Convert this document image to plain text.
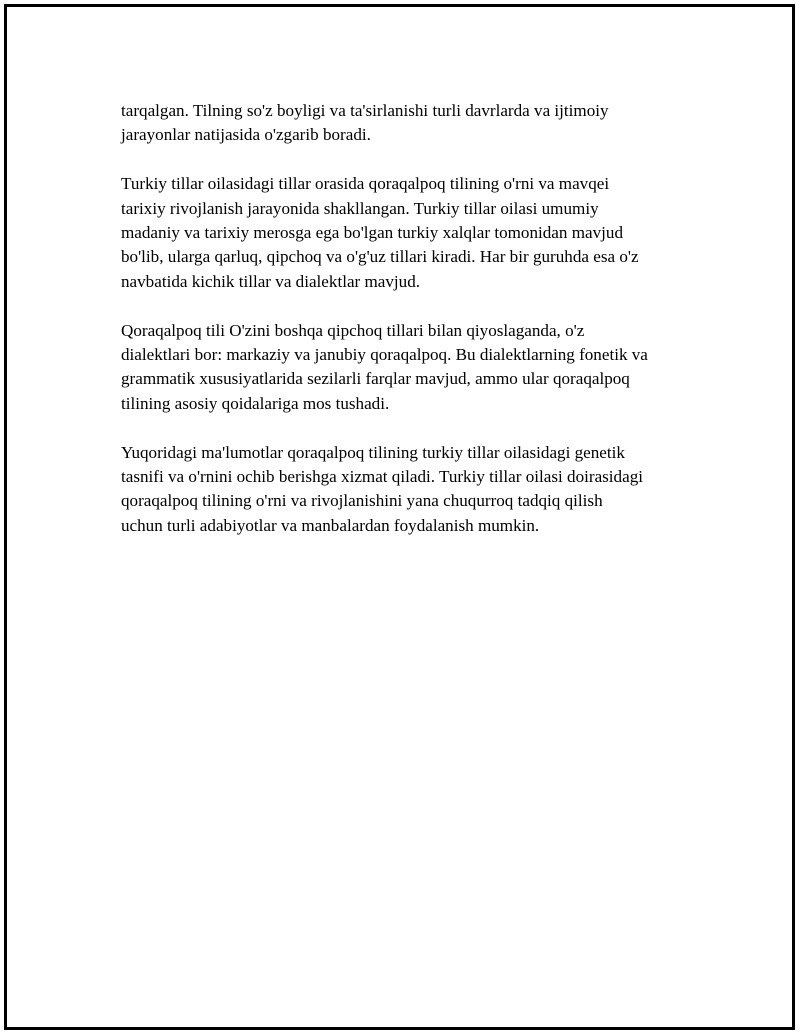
tarqalgan. Tilning so'z boyligi va ta'sirlanishi turli davrlarda va ijtimoiy
jarayonlar natijasida o'zgarib boradi.

Turkiy tillar oilasidagi tillar orasida qoraqalpoq tilining o'rni va mavqei
tarixiy rivojlanish jarayonida shakllangan. Turkiy tillar oilasi umumiy
madaniy va tarixiy merosga ega bo'lgan turkiy xalqlar tomonidan mavjud
bo'lib, ularga qarluq, qipchoq va o'g'uz tillari kiradi. Har bir guruhda esa o'z
navbatida kichik tillar va dialektlar mavjud.

Qoraqalpoq tili O'zini boshqa qipchoq tillari bilan qiyoslaganda, o'z
dialektlari bor: markaziy va janubiy qoraqalpoq. Bu dialektlarning fonetik va
grammatik xususiyatlarida sezilarli farqlar mavjud, ammo ular qoraqalpoq
tilining asosiy qoidalariga mos tushadi.

Yuqoridagi ma'lumotlar qoraqalpoq tilining turkiy tillar oilasidagi genetik
tasnifi va o'rnini ochib berishga xizmat qiladi. Turkiy tillar oilasi doirasidagi
qoraqalpoq tilining o'rni va rivojlanishini yana chuqurroq tadqiq qilish
uchun turli adabiyotlar va manbalardan foydalanish mumkin.
